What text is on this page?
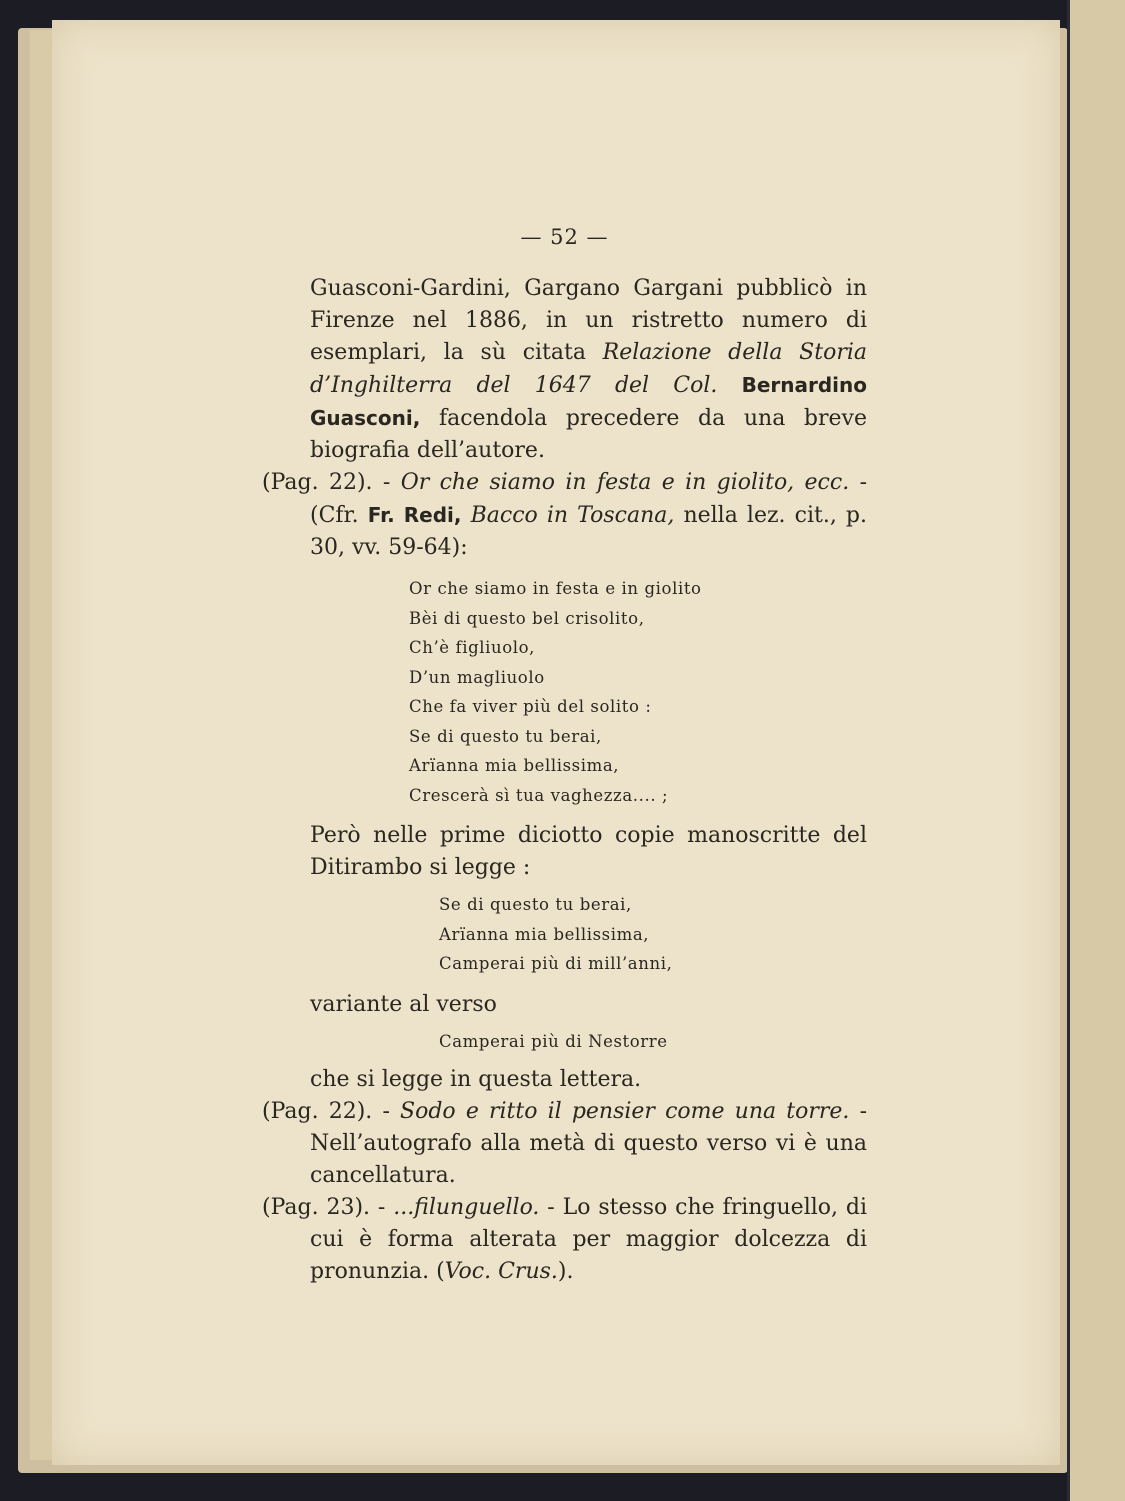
— 52 —

Guasconi-Gardini, Gargano Gargani pubblicò in Firenze nel 1886, in un ristretto numero di esemplari, la sù citata Relazione della Storia d’Inghilterra del 1647 del Col. Bernardino Guasconi, facendola precedere da una breve biografia dell’autore.

(Pag. 22). - Or che siamo in festa e in giolito, ecc. - (Cfr. Fr. Redi, Bacco in Toscana, nella lez. cit., p. 30, vv. 59-64):

Or che siamo in festa e in giolito
Bèi di questo bel crisolito,
Ch’è figliuolo,
D’un magliuolo
Che fa viver più del solito :
Se di questo tu berai,
Arïanna mia bellissima,
Crescerà sì tua vaghezza.... ;

Però nelle prime diciotto copie manoscritte del Ditirambo si legge :

Se di questo tu berai,
Arïanna mia bellissima,
Camperai più di mill’anni,

variante al verso

Camperai più di Nestorre

che si legge in questa lettera.

(Pag. 22). - Sodo e ritto il pensier come una torre. - Nell’autografo alla metà di questo verso vi è una cancellatura.

(Pag. 23). - ...filunguello. - Lo stesso che fringuello, di cui è forma alterata per maggior dolcezza di pronunzia. (Voc. Crus.).
